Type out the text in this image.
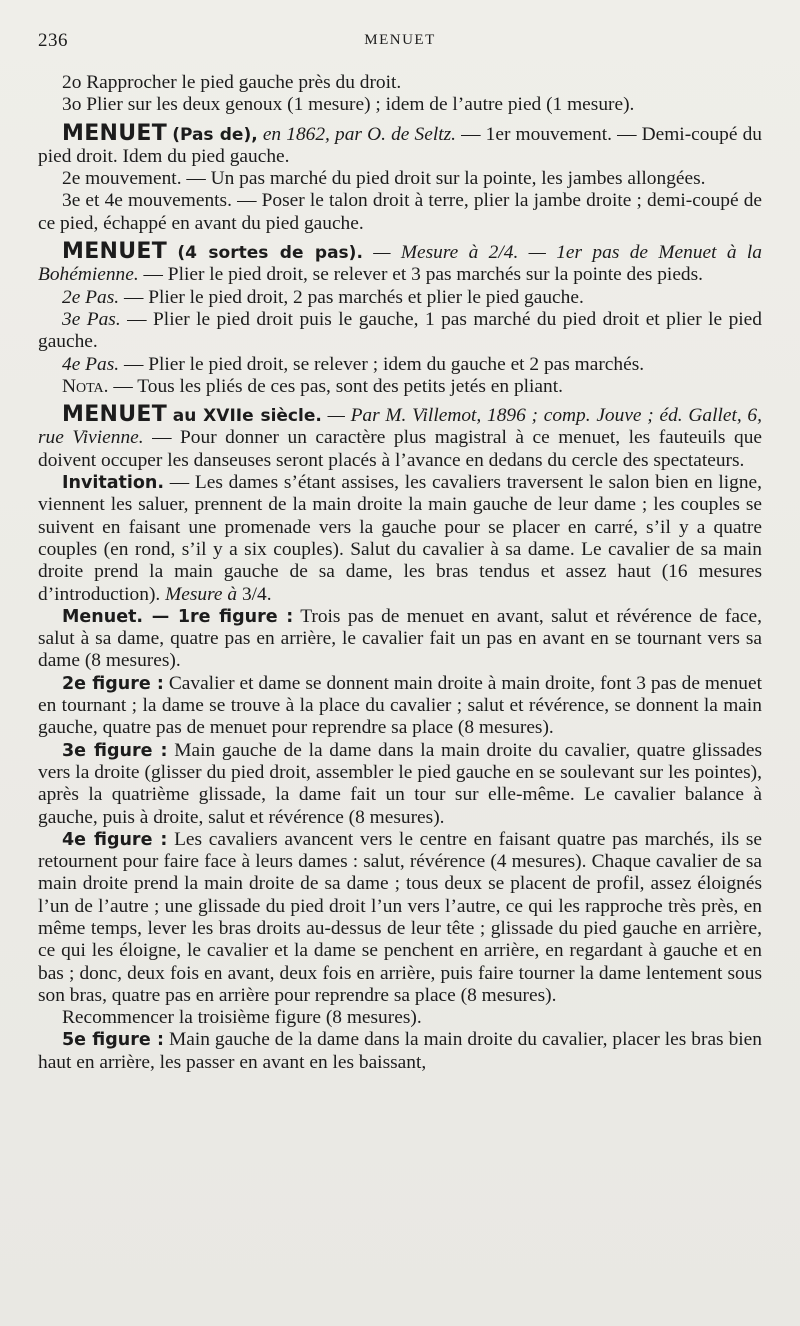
236	MENUET

2o Rapprocher le pied gauche près du droit.

3o Plier sur les deux genoux (1 mesure) ; idem de l’autre pied (1 mesure).

MENUET (Pas de), en 1862, par O. de Seltz. — 1er mouvement. — Demi-coupé du pied droit. Idem du pied gauche.

2e mouvement. — Un pas marché du pied droit sur la pointe, les jambes allongées.

3e et 4e mouvements. — Poser le talon droit à terre, plier la jambe droite ; demi-coupé de ce pied, échappé en avant du pied gauche.

MENUET (4 sortes de pas). — Mesure à 2/4. — 1er pas de Menuet à la Bohémienne. — Plier le pied droit, se relever et 3 pas marchés sur la pointe des pieds.

2e Pas. — Plier le pied droit, 2 pas marchés et plier le pied gauche.

3e Pas. — Plier le pied droit puis le gauche, 1 pas marché du pied droit et plier le pied gauche.

4e Pas. — Plier le pied droit, se relever ; idem du gauche et 2 pas marchés.

Nota. — Tous les pliés de ces pas, sont des petits jetés en pliant.

MENUET au XVIIe siècle. — Par M. Villemot, 1896 ; comp. Jouve ; éd. Gallet, 6, rue Vivienne. — Pour donner un caractère plus magistral à ce menuet, les fauteuils que doivent occuper les danseuses seront placés à l’avance en dedans du cercle des spectateurs.

Invitation. — Les dames s’étant assises, les cavaliers traversent le salon bien en ligne, viennent les saluer, prennent de la main droite la main gauche de leur dame ; les couples se suivent en faisant une promenade vers la gauche pour se placer en carré, s’il y a quatre couples (en rond, s’il y a six couples). Salut du cavalier à sa dame. Le cavalier de sa main droite prend la main gauche de sa dame, les bras tendus et assez haut (16 mesures d’introduction). Mesure à 3/4.

Menuet. — 1re figure : Trois pas de menuet en avant, salut et révérence de face, salut à sa dame, quatre pas en arrière, le cavalier fait un pas en avant en se tournant vers sa dame (8 mesures).

2e figure : Cavalier et dame se donnent main droite à main droite, font 3 pas de menuet en tournant ; la dame se trouve à la place du cavalier ; salut et révérence, se donnent la main gauche, quatre pas de menuet pour reprendre sa place (8 mesures).

3e figure : Main gauche de la dame dans la main droite du cavalier, quatre glissades vers la droite (glisser du pied droit, assembler le pied gauche en se soulevant sur les pointes), après la quatrième glissade, la dame fait un tour sur elle-même. Le cavalier balance à gauche, puis à droite, salut et révérence (8 mesures).

4e figure : Les cavaliers avancent vers le centre en faisant quatre pas marchés, ils se retournent pour faire face à leurs dames : salut, révérence (4 mesures). Chaque cavalier de sa main droite prend la main droite de sa dame ; tous deux se placent de profil, assez éloignés l’un de l’autre ; une glissade du pied droit l’un vers l’autre, ce qui les rapproche très près, en même temps, lever les bras droits au-dessus de leur tête ; glissade du pied gauche en arrière, ce qui les éloigne, le cavalier et la dame se penchent en arrière, en regardant à gauche et en bas ; donc, deux fois en avant, deux fois en arrière, puis faire tourner la dame lentement sous son bras, quatre pas en arrière pour reprendre sa place (8 mesures).

Recommencer la troisième figure (8 mesures).

5e figure : Main gauche de la dame dans la main droite du cavalier, placer les bras bien haut en arrière, les passer en avant en les baissant,
